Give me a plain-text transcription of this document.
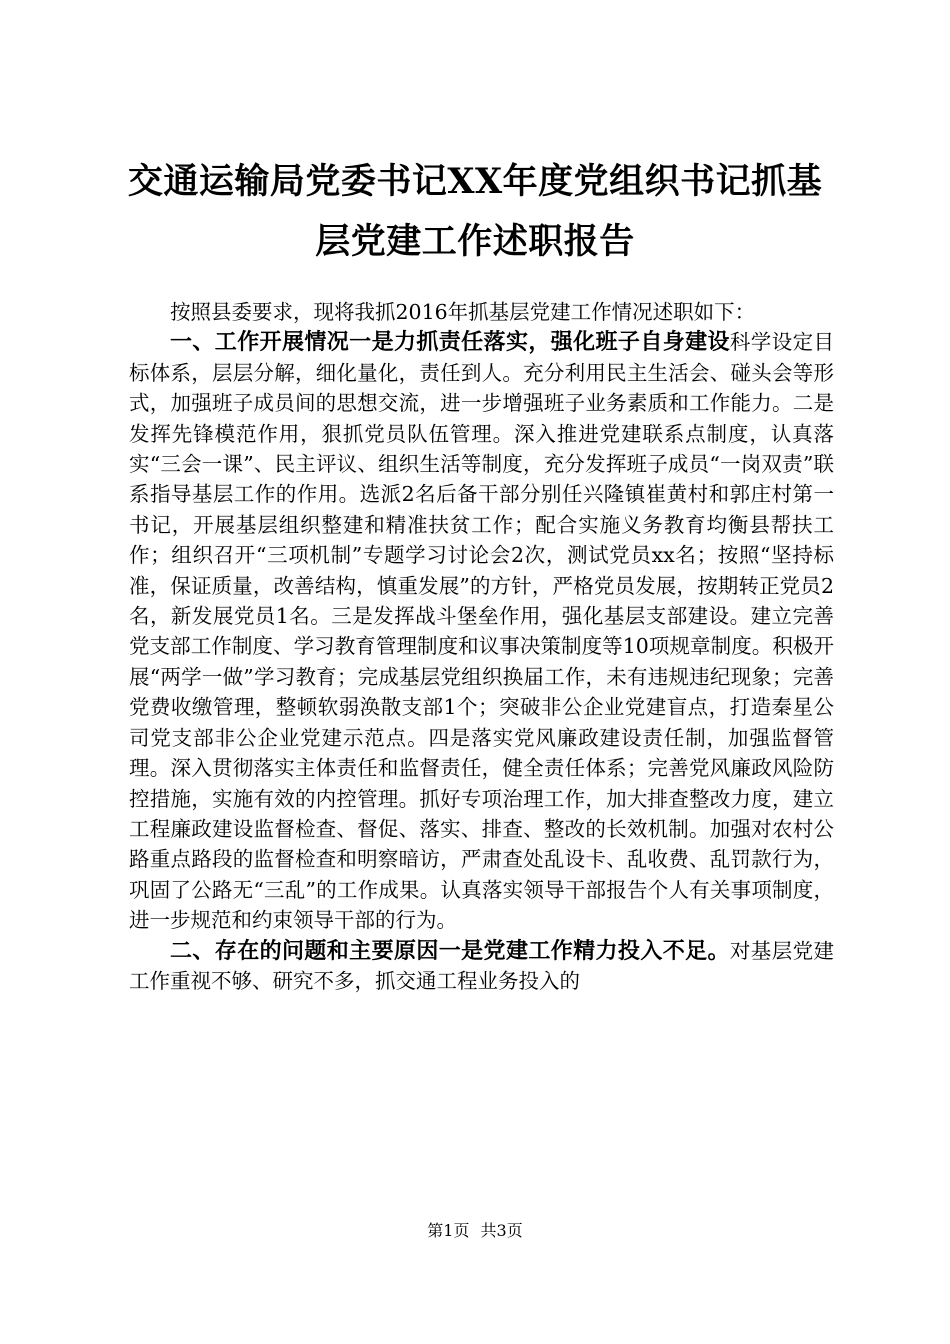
交通运输局党委书记XX年度党组织书记抓基
层党建工作述职报告

按照县委要求，现将我抓2016年抓基层党建工作情况述职如下：

一、工作开展情况一是力抓责任落实，强化班子自身建设科学设定目标体系，层层分解，细化量化，责任到人。充分利用民主生活会、碰头会等形式，加强班子成员间的思想交流，进一步增强班子业务素质和工作能力。二是发挥先锋模范作用，狠抓党员队伍管理。深入推进党建联系点制度，认真落实“三会一课”、民主评议、组织生活等制度，充分发挥班子成员“一岗双责”联系指导基层工作的作用。选派2名后备干部分别任兴隆镇崔黄村和郭庄村第一书记，开展基层组织整建和精准扶贫工作；配合实施义务教育均衡县帮扶工作；组织召开“三项机制”专题学习讨论会2次，测试党员xx名；按照“坚持标准，保证质量，改善结构，慎重发展”的方针，严格党员发展，按期转正党员2名，新发展党员1名。三是发挥战斗堡垒作用，强化基层支部建设。建立完善党支部工作制度、学习教育管理制度和议事决策制度等10项规章制度。积极开展“两学一做”学习教育；完成基层党组织换届工作，未有违规违纪现象；完善党费收缴管理，整顿软弱涣散支部1个；突破非公企业党建盲点，打造秦星公司党支部非公企业党建示范点。四是落实党风廉政建设责任制，加强监督管理。深入贯彻落实主体责任和监督责任，健全责任体系；完善党风廉政风险防控措施，实施有效的内控管理。抓好专项治理工作，加大排查整改力度，建立工程廉政建设监督检查、督促、落实、排查、整改的长效机制。加强对农村公路重点路段的监督检查和明察暗访，严肃查处乱设卡、乱收费、乱罚款行为，巩固了公路无“三乱”的工作成果。认真落实领导干部报告个人有关事项制度，进一步规范和约束领导干部的行为。

二、存在的问题和主要原因一是党建工作精力投入不足。对基层党建工作重视不够、研究不多，抓交通工程业务投入的

第1页 共3页
